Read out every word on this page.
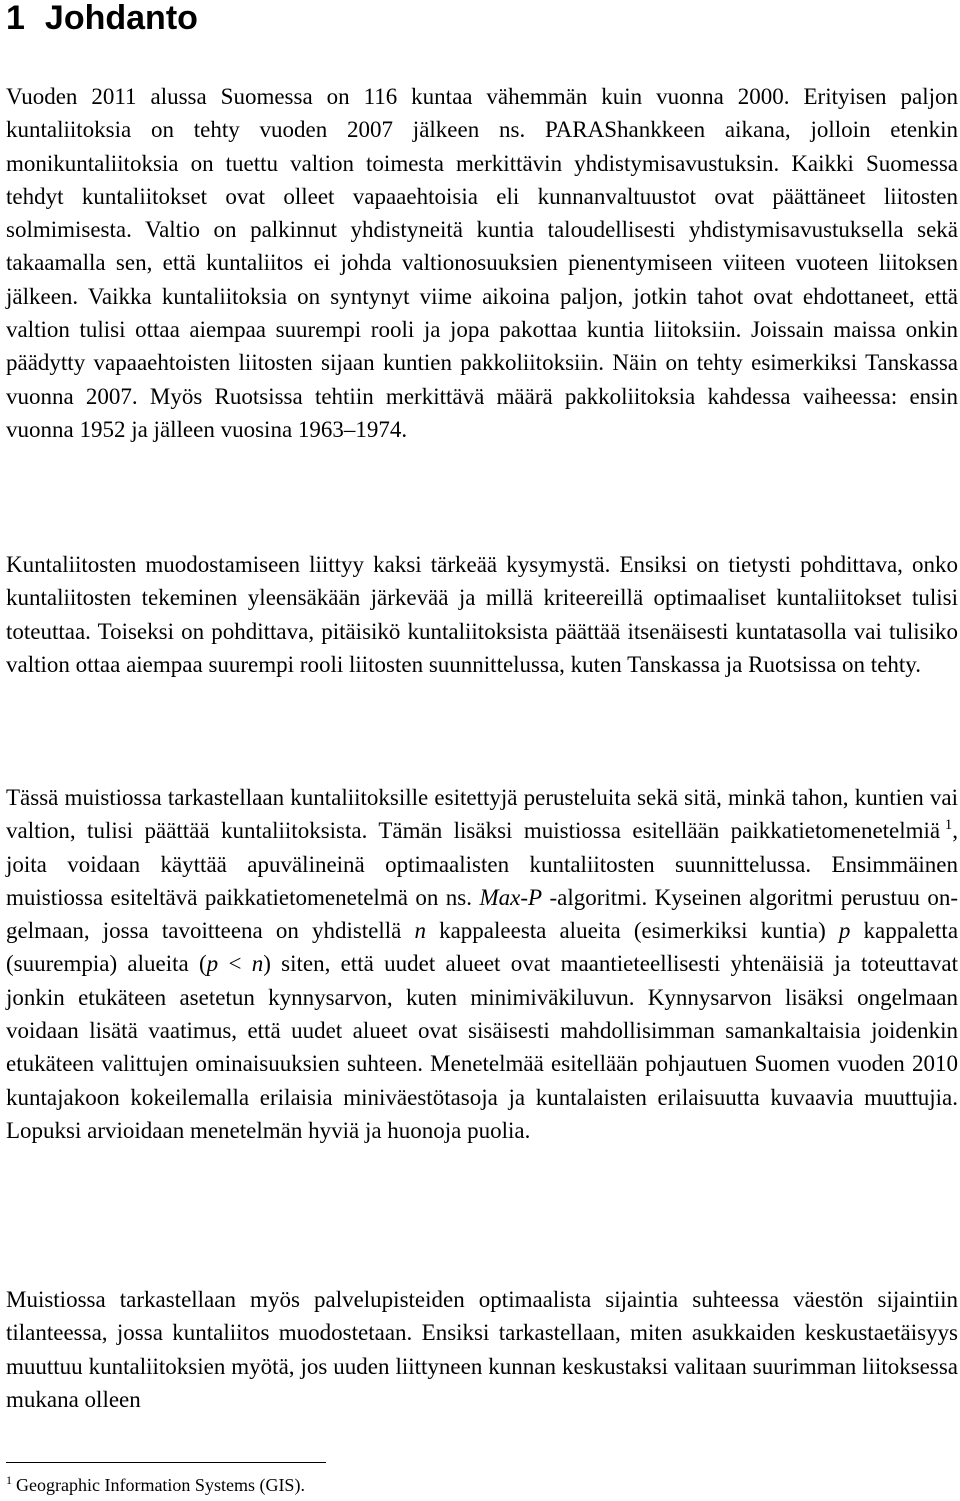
1 Johdanto

Vuoden 2011 alussa Suomessa on 116 kuntaa vähemmän kuin vuonna 2000. Erityisen paljon kuntaliitoksia on tehty vuoden 2007 jälkeen ns. PARAShankkeen aikana, jolloin etenkin monikuntaliitoksia on tuettu valtion toimesta merkittävin yhdistymisavustuksin. Kaikki Suomessa tehdyt kuntaliitokset ovat olleet vapaaehtoisia eli kunnanvaltuustot ovat päättäneet liitosten solmimisesta. Valtio on palkinnut yhdistyneitä kuntia taloudellisesti yhdistymisavustuksella sekä takaamalla sen, että kuntaliitos ei johda valtionosuuksien pienentymiseen viiteen vuoteen liitoksen jälkeen. Vaikka kuntaliitoksia on syntynyt viime aikoina paljon, jotkin tahot ovat ehdottaneet, että valtion tulisi ottaa aiempaa suurempi rooli ja jopa pakottaa kuntia liitoksiin. Joissain maissa onkin päädytty vapaaehtoisten liitosten sijaan kuntien pakkoliitoksiin. Näin on tehty esimerkiksi Tanskassa vuonna 2007. Myös Ruotsissa tehtiin merkittävä määrä pakkoliitoksia kahdessa vaiheessa: ensin vuonna 1952 ja jälleen vuosina 1963–1974.

Kuntaliitosten muodostamiseen liittyy kaksi tärkeää kysymystä. Ensiksi on tietysti pohdittava, onko kuntaliitosten tekeminen yleensäkään järkevää ja millä kriteereillä optimaaliset kuntaliitokset tulisi toteuttaa. Toiseksi on pohdittava, pitäisikö kuntaliitoksista päättää itsenäisesti kuntatasolla vai tulisiko valtion ottaa aiempaa suurempi rooli liitosten suunnittelussa, kuten Tanskassa ja Ruotsissa on tehty.

Tässä muistiossa tarkastellaan kuntaliitoksille esitettyjä perusteluita sekä sitä, minkä tahon, kuntien vai valtion, tulisi päättää kuntaliitoksista. Tämän lisäksi muistiossa esitellään paikkatietomenetelmiä  $^1$, joita voidaan käyttää apuvälineinä optimaalisten kuntaliitosten suunnittelussa. Ensimmäinen muistiossa esiteltävä paikkatietomenetelmä on ns. Max-P -algoritmi. Kyseinen algoritmi perustuu ongelmaan, jossa tavoitteena on yhdistellä n kappaleesta alueita (esimerkiksi kuntia) p kappaletta (suurempia) alueita (p < n) siten, että uudet alueet ovat maantieteellisesti yhtenäisiä ja toteuttavat jonkin etukäteen asetetun kynnysarvon, kuten minimiväkiluvun. Kynnysarvon lisäksi ongelmaan voidaan lisätä vaatimus, että uudet alueet ovat sisäisesti mahdollisimman samankaltaisia joidenkin etukäteen valittujen ominaisuuksien suhteen. Menetelmää esitellään pohjautuen Suomen vuoden 2010 kuntajakoon kokeilemalla erilaisia miniväestötasoja ja kuntalaisten erilaisuutta kuvaavia muuttujia. Lopuksi arvioidaan menetelmän hyviä ja huonoja puolia.

Muistiossa tarkastellaan myös palvelupisteiden optimaalista sijaintia suhteessa väestön sijaintiin tilanteessa, jossa kuntaliitos muodostetaan. Ensiksi tarkastellaan, miten asukkaiden keskustaetäisyys muuttuu kuntaliitoksien myötä, jos uuden liittyneen kunnan keskustaksi valitaan suurimman liitoksessa mukana olleen

$^1$ Geographic Information Systems (GIS).
